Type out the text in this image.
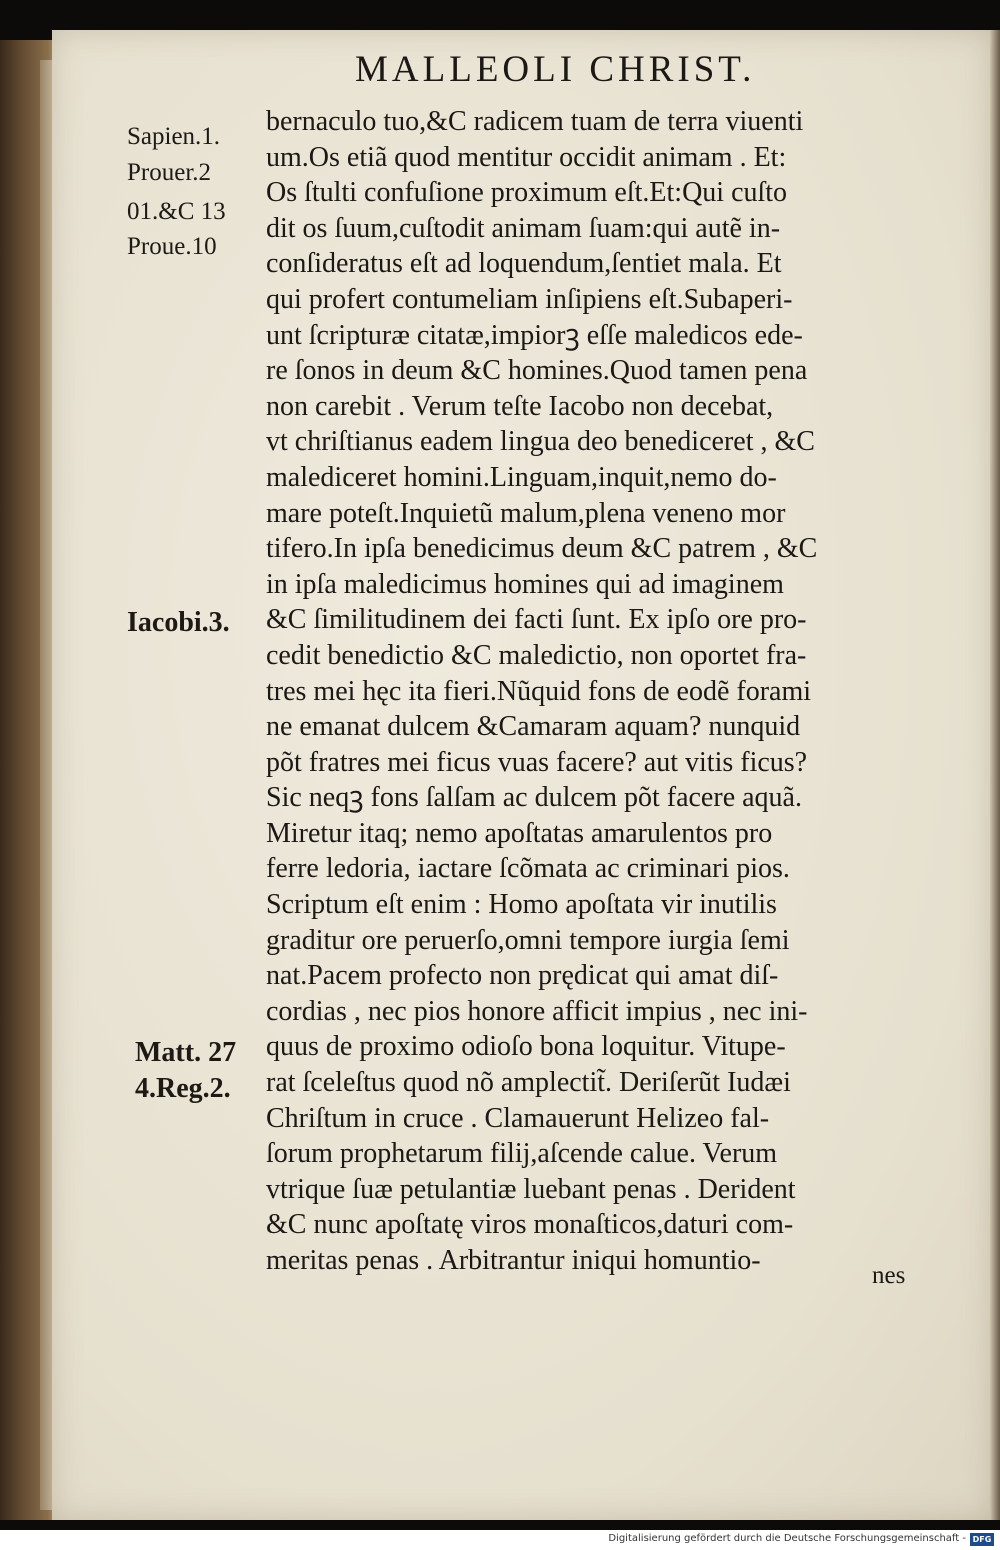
MALLEOLI CHRIST.
Sapien.1.
Prouer.2
01.&C 13
Proue.10
Iacobi.3.
Matt. 27
4.Reg.2.
bernaculo tuo,&C radicem tuam de terra viuenti
um.Os etiã quod mentitur occidit animam . Et:
Os ſtulti confuſione proximum eſt.Et:Qui cuſto
dit os ſuum,cuſtodit animam ſuam:qui autẽ in-
conſideratus eſt ad loquendum,ſentiet mala. Et
qui profert contumeliam inſipiens eſt.Subaperi-
unt ſcripturæ citatæ,impiorꝫ eſſe maledicos ede-
re ſonos in deum &C homines.Quod tamen pena
non carebit . Verum teſte Iacobo non decebat,
vt chriſtianus eadem lingua deo benediceret , &C
malediceret homini.Linguam,inquit,nemo do-
mare poteſt.Inquietũ malum,plena veneno mor
tifero.In ipſa benedicimus deum &C patrem , &C
in ipſa maledicimus homines qui ad imaginem
&C ſimilitudinem dei facti ſunt. Ex ipſo ore pro-
cedit benedictio &C maledictio, non oportet fra-
tres mei hęc ita fieri.Nũquid fons de eodẽ forami
ne emanat dulcem &Camaram aquam? nunquid
põt fratres mei ficus vuas facere? aut vitis ficus?
Sic neqꝫ fons ſalſam ac dulcem põt facere aquã.
Miretur itaq; nemo apoſtatas amarulentos pro
ferre ledoria, iactare ſcõmata ac criminari pios.
Scriptum eſt enim : Homo apoſtata vir inutilis
graditur ore peruerſo,omni tempore iurgia ſemi
nat.Pacem profecto non prędicat qui amat diſ-
cordias , nec pios honore afficit impius , nec ini-
quus de proximo odioſo bona loquitur. Vitupe-
rat ſceleſtus quod nõ amplectit̃. Deriſerũt Iudæi
Chriſtum in cruce . Clamauerunt Helizeo fal-
ſorum prophetarum filij,aſcende calue. Verum
vtrique ſuæ petulantiæ luebant penas . Derident
&C nunc apoſtatę viros monaſticos,daturi com-
meritas penas . Arbitrantur iniqui homuntio-	nes
Digitalisierung gefördert durch die Deutsche Forschungsgemeinschaft - DFG
